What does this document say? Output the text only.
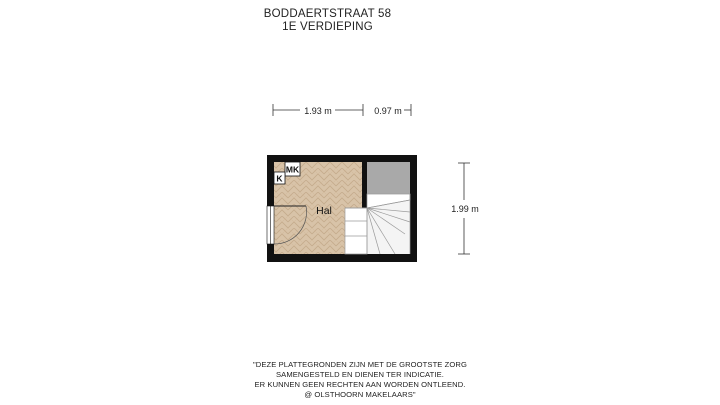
BODDAERTSTRAAT 58
1E VERDIEPING
1.93 m	0.97 m
1.99 m
MK
K
Hal
"DEZE PLATTEGRONDEN ZIJN MET DE GROOTSTE ZORG
SAMENGESTELD EN DIENEN TER INDICATIE.
ER KUNNEN GEEN RECHTEN AAN WORDEN ONTLEEND.
@ OLSTHOORN MAKELAARS"
